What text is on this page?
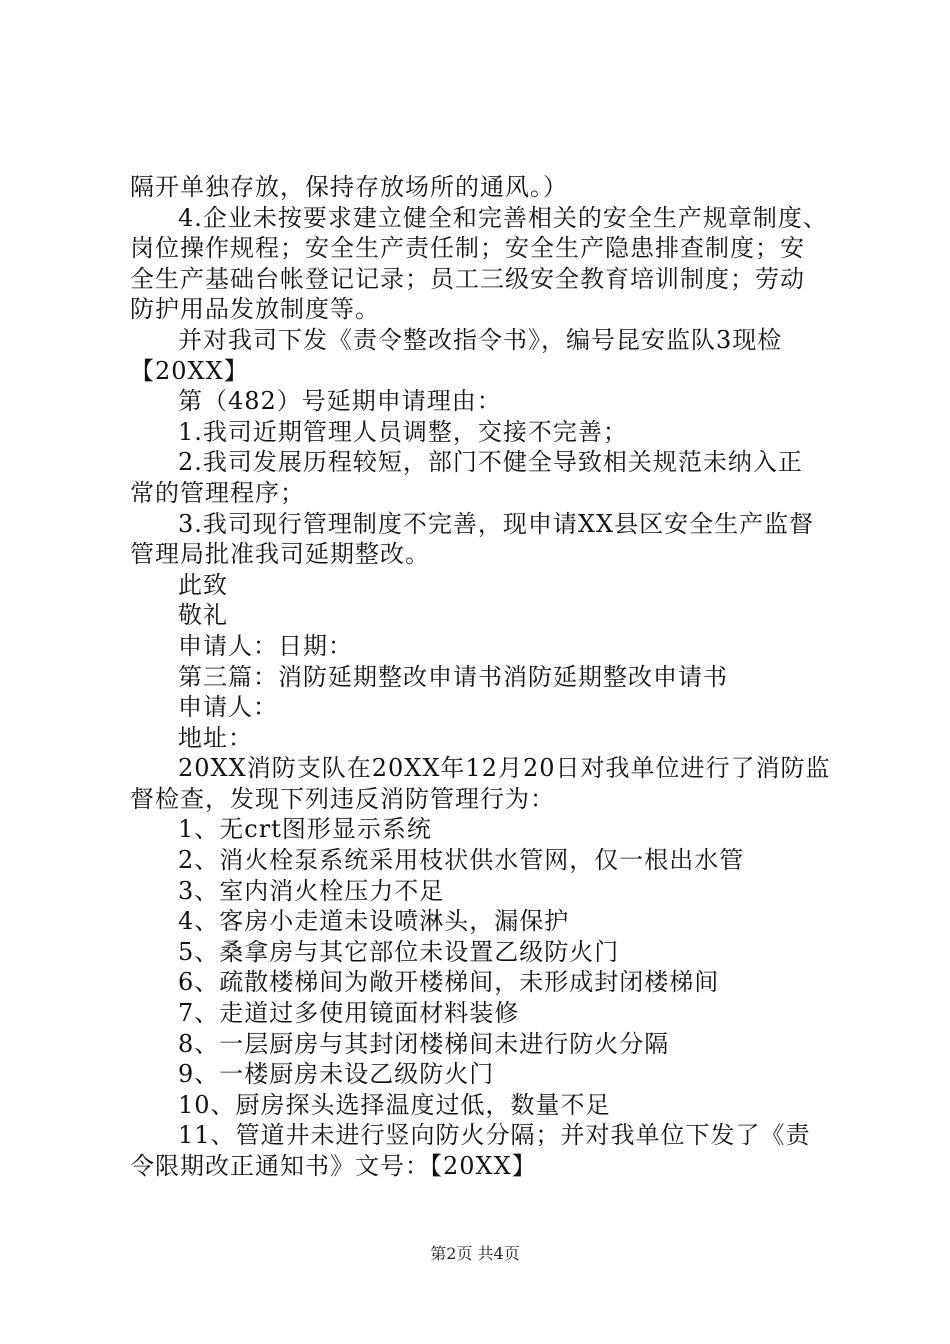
隔开单独存放，保持存放场所的通风。）
4.企业未按要求建立健全和完善相关的安全生产规章制度、
岗位操作规程；安全生产责任制；安全生产隐患排查制度；安
全生产基础台帐登记记录；员工三级安全教育培训制度；劳动
防护用品发放制度等。
并对我司下发《责令整改指令书》，编号昆安监队3现检
【20XX】
第（482）号延期申请理由：
1.我司近期管理人员调整，交接不完善；
2.我司发展历程较短，部门不健全导致相关规范未纳入正
常的管理程序；
3.我司现行管理制度不完善，现申请XX县区安全生产监督
管理局批准我司延期整改。
此致
敬礼
申请人：日期：
第三篇：消防延期整改申请书消防延期整改申请书
申请人：
地址：
20XX消防支队在20XX年12月20日对我单位进行了消防监
督检查，发现下列违反消防管理行为：
1、无crt图形显示系统
2、消火栓泵系统采用枝状供水管网，仅一根出水管
3、室内消火栓压力不足
4、客房小走道未设喷淋头，漏保护
5、桑拿房与其它部位未设置乙级防火门
6、疏散楼梯间为敞开楼梯间，未形成封闭楼梯间
7、走道过多使用镜面材料装修
8、一层厨房与其封闭楼梯间未进行防火分隔
9、一楼厨房未设乙级防火门
10、厨房探头选择温度过低，数量不足
11、管道井未进行竖向防火分隔；并对我单位下发了《责
令限期改正通知书》文号：【20XX】
第2页 共4页
